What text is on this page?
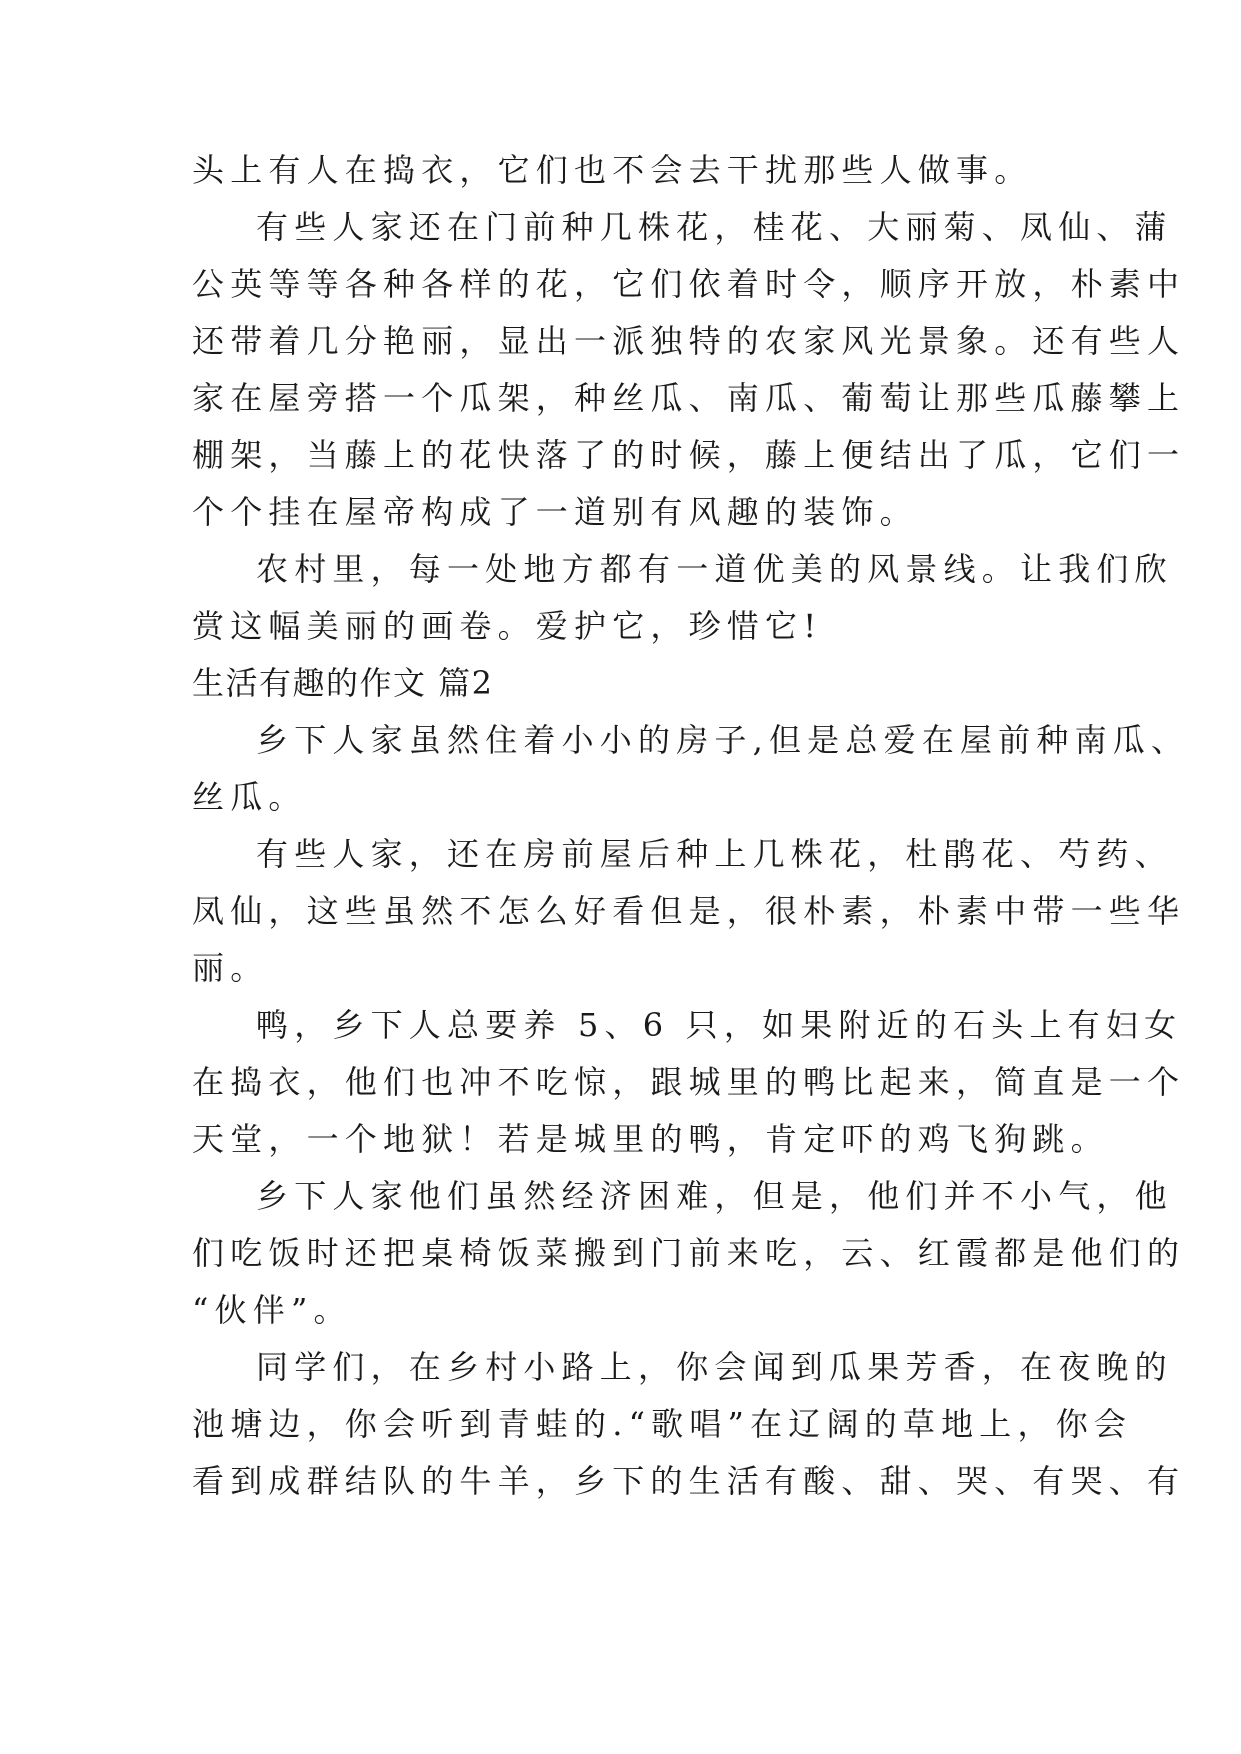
头上有人在捣衣，它们也不会去干扰那些人做事。
有些人家还在门前种几株花，桂花、大丽菊、凤仙、蒲
公英等等各种各样的花，它们依着时令，顺序开放，朴素中
还带着几分艳丽，显出一派独特的农家风光景象。还有些人
家在屋旁搭一个瓜架，种丝瓜、南瓜、葡萄让那些瓜藤攀上
棚架，当藤上的花快落了的时候，藤上便结出了瓜，它们一
个个挂在屋帝构成了一道别有风趣的装饰。
农村里，每一处地方都有一道优美的风景线。让我们欣
赏这幅美丽的画卷。爱护它，珍惜它!
生活有趣的作文 篇2
乡下人家虽然住着小小的房子,但是总爱在屋前种南瓜、
丝瓜。
有些人家，还在房前屋后种上几株花，杜鹃花、芍药、
凤仙，这些虽然不怎么好看但是，很朴素，朴素中带一些华
丽。
鸭，乡下人总要养 5、6 只，如果附近的石头上有妇女
在捣衣，他们也冲不吃惊，跟城里的鸭比起来，简直是一个
天堂，一个地狱！若是城里的鸭，肯定吓的鸡飞狗跳。
乡下人家他们虽然经济困难，但是，他们并不小气，他
们吃饭时还把桌椅饭菜搬到门前来吃，云、红霞都是他们的
“伙伴”。
同学们，在乡村小路上，你会闻到瓜果芳香，在夜晚的
池塘边，你会听到青蛙的.“歌唱”在辽阔的草地上，你会
看到成群结队的牛羊，乡下的生活有酸、甜、哭、有哭、有
